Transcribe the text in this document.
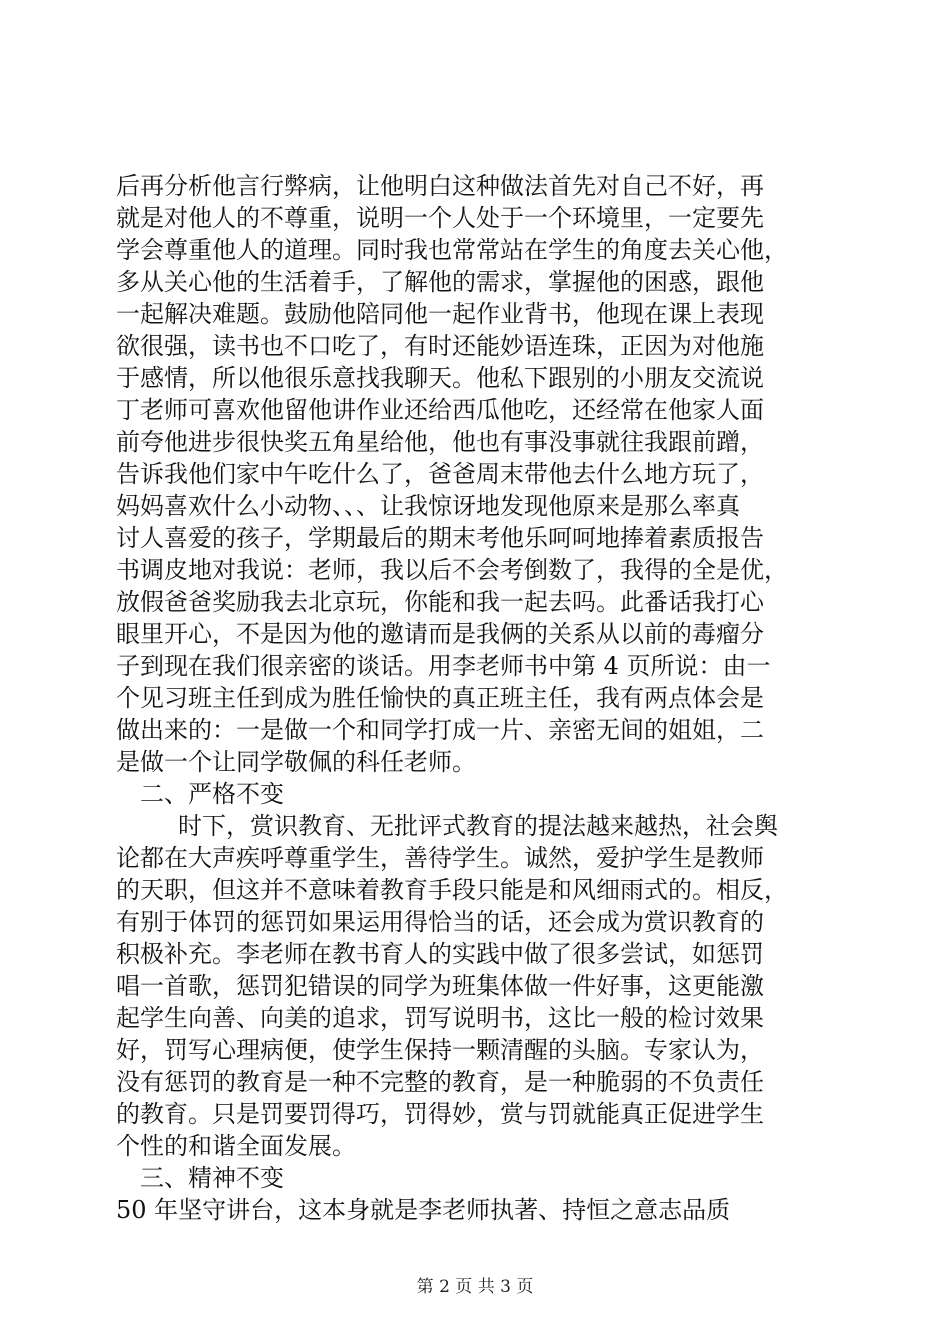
后再分析他言行弊病，让他明白这种做法首先对自己不好，再
就是对他人的不尊重，说明一个人处于一个环境里，一定要先
学会尊重他人的道理。同时我也常常站在学生的角度去关心他，
多从关心他的生活着手，了解他的需求，掌握他的困惑，跟他
一起解决难题。鼓励他陪同他一起作业背书，他现在课上表现
欲很强，读书也不口吃了，有时还能妙语连珠，正因为对他施
于感情，所以他很乐意找我聊天。他私下跟别的小朋友交流说
丁老师可喜欢他留他讲作业还给西瓜他吃，还经常在他家人面
前夸他进步很快奖五角星给他，他也有事没事就往我跟前蹭，
告诉我他们家中午吃什么了，爸爸周末带他去什么地方玩了，
妈妈喜欢什么小动物、、、让我惊讶地发现他原来是那么率真
讨人喜爱的孩子，学期最后的期末考他乐呵呵地捧着素质报告
书调皮地对我说：老师，我以后不会考倒数了，我得的全是优，
放假爸爸奖励我去北京玩，你能和我一起去吗。此番话我打心
眼里开心，不是因为他的邀请而是我俩的关系从以前的毒瘤分
子到现在我们很亲密的谈话。用李老师书中第 4 页所说：由一
个见习班主任到成为胜任愉快的真正班主任，我有两点体会是
做出来的：一是做一个和同学打成一片、亲密无间的姐姐，二
是做一个让同学敬佩的科任老师。
二、严格不变
时下，赏识教育、无批评式教育的提法越来越热，社会舆
论都在大声疾呼尊重学生，善待学生。诚然，爱护学生是教师
的天职，但这并不意味着教育手段只能是和风细雨式的。相反，
有别于体罚的惩罚如果运用得恰当的话，还会成为赏识教育的
积极补充。李老师在教书育人的实践中做了很多尝试，如惩罚
唱一首歌，惩罚犯错误的同学为班集体做一件好事，这更能激
起学生向善、向美的追求，罚写说明书，这比一般的检讨效果
好，罚写心理病便，使学生保持一颗清醒的头脑。专家认为，
没有惩罚的教育是一种不完整的教育，是一种脆弱的不负责任
的教育。只是罚要罚得巧，罚得妙，赏与罚就能真正促进学生
个性的和谐全面发展。
三、精神不变
50 年坚守讲台，这本身就是李老师执著、持恒之意志品质
第 2 页 共 3 页
